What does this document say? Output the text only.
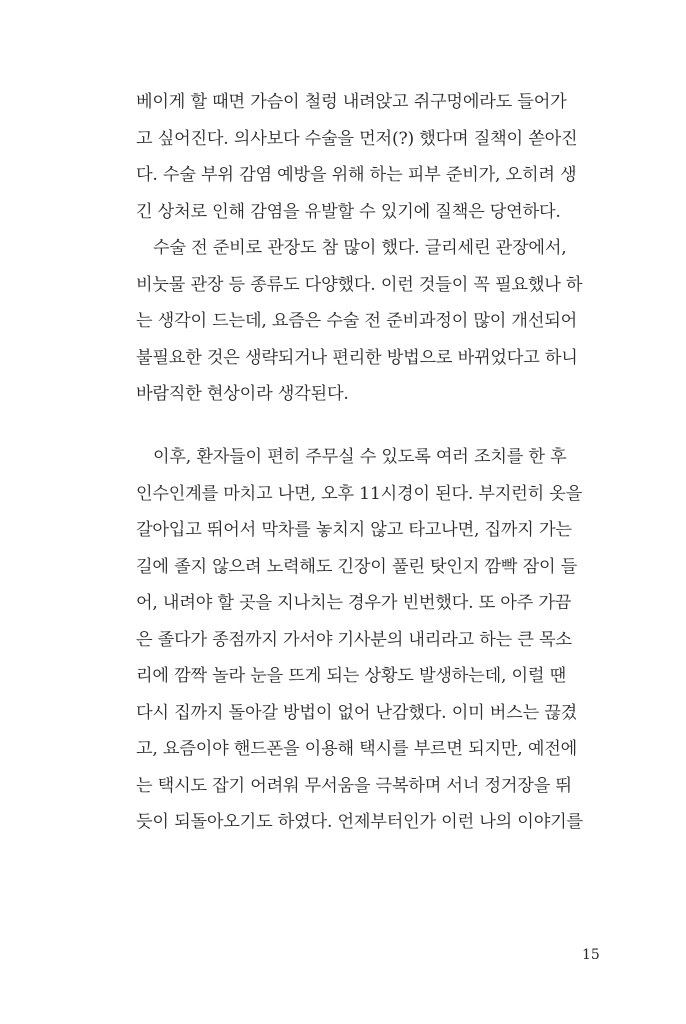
베이게 할 때면 가슴이 철렁 내려앉고 쥐구멍에라도 들어가
고 싶어진다. 의사보다 수술을 먼저(?) 했다며 질책이 쏟아진
다. 수술 부위 감염 예방을 위해 하는 피부 준비가, 오히려 생
긴 상처로 인해 감염을 유발할 수 있기에 질책은 당연하다.
수술 전 준비로 관장도 참 많이 했다. 글리세린 관장에서,
비눗물 관장 등 종류도 다양했다. 이런 것들이 꼭 필요했나 하
는 생각이 드는데, 요즘은 수술 전 준비과정이 많이 개선되어
불필요한 것은 생략되거나 편리한 방법으로 바뀌었다고 하니
바람직한 현상이라 생각된다.
이후, 환자들이 편히 주무실 수 있도록 여러 조치를 한 후
인수인계를 마치고 나면, 오후 11시경이 된다. 부지런히 옷을
갈아입고 뛰어서 막차를 놓치지 않고 타고나면, 집까지 가는
길에 졸지 않으려 노력해도 긴장이 풀린 탓인지 깜빡 잠이 들
어, 내려야 할 곳을 지나치는 경우가 빈번했다. 또 아주 가끔
은 졸다가 종점까지 가서야 기사분의 내리라고 하는 큰 목소
리에 깜짝 놀라 눈을 뜨게 되는 상황도 발생하는데, 이럴 땐
다시 집까지 돌아갈 방법이 없어 난감했다. 이미 버스는 끊겼
고, 요즘이야 핸드폰을 이용해 택시를 부르면 되지만, 예전에
는 택시도 잡기 어려워 무서움을 극복하며 서너 정거장을 뛰
듯이 되돌아오기도 하였다. 언제부터인가 이런 나의 이야기를
15
